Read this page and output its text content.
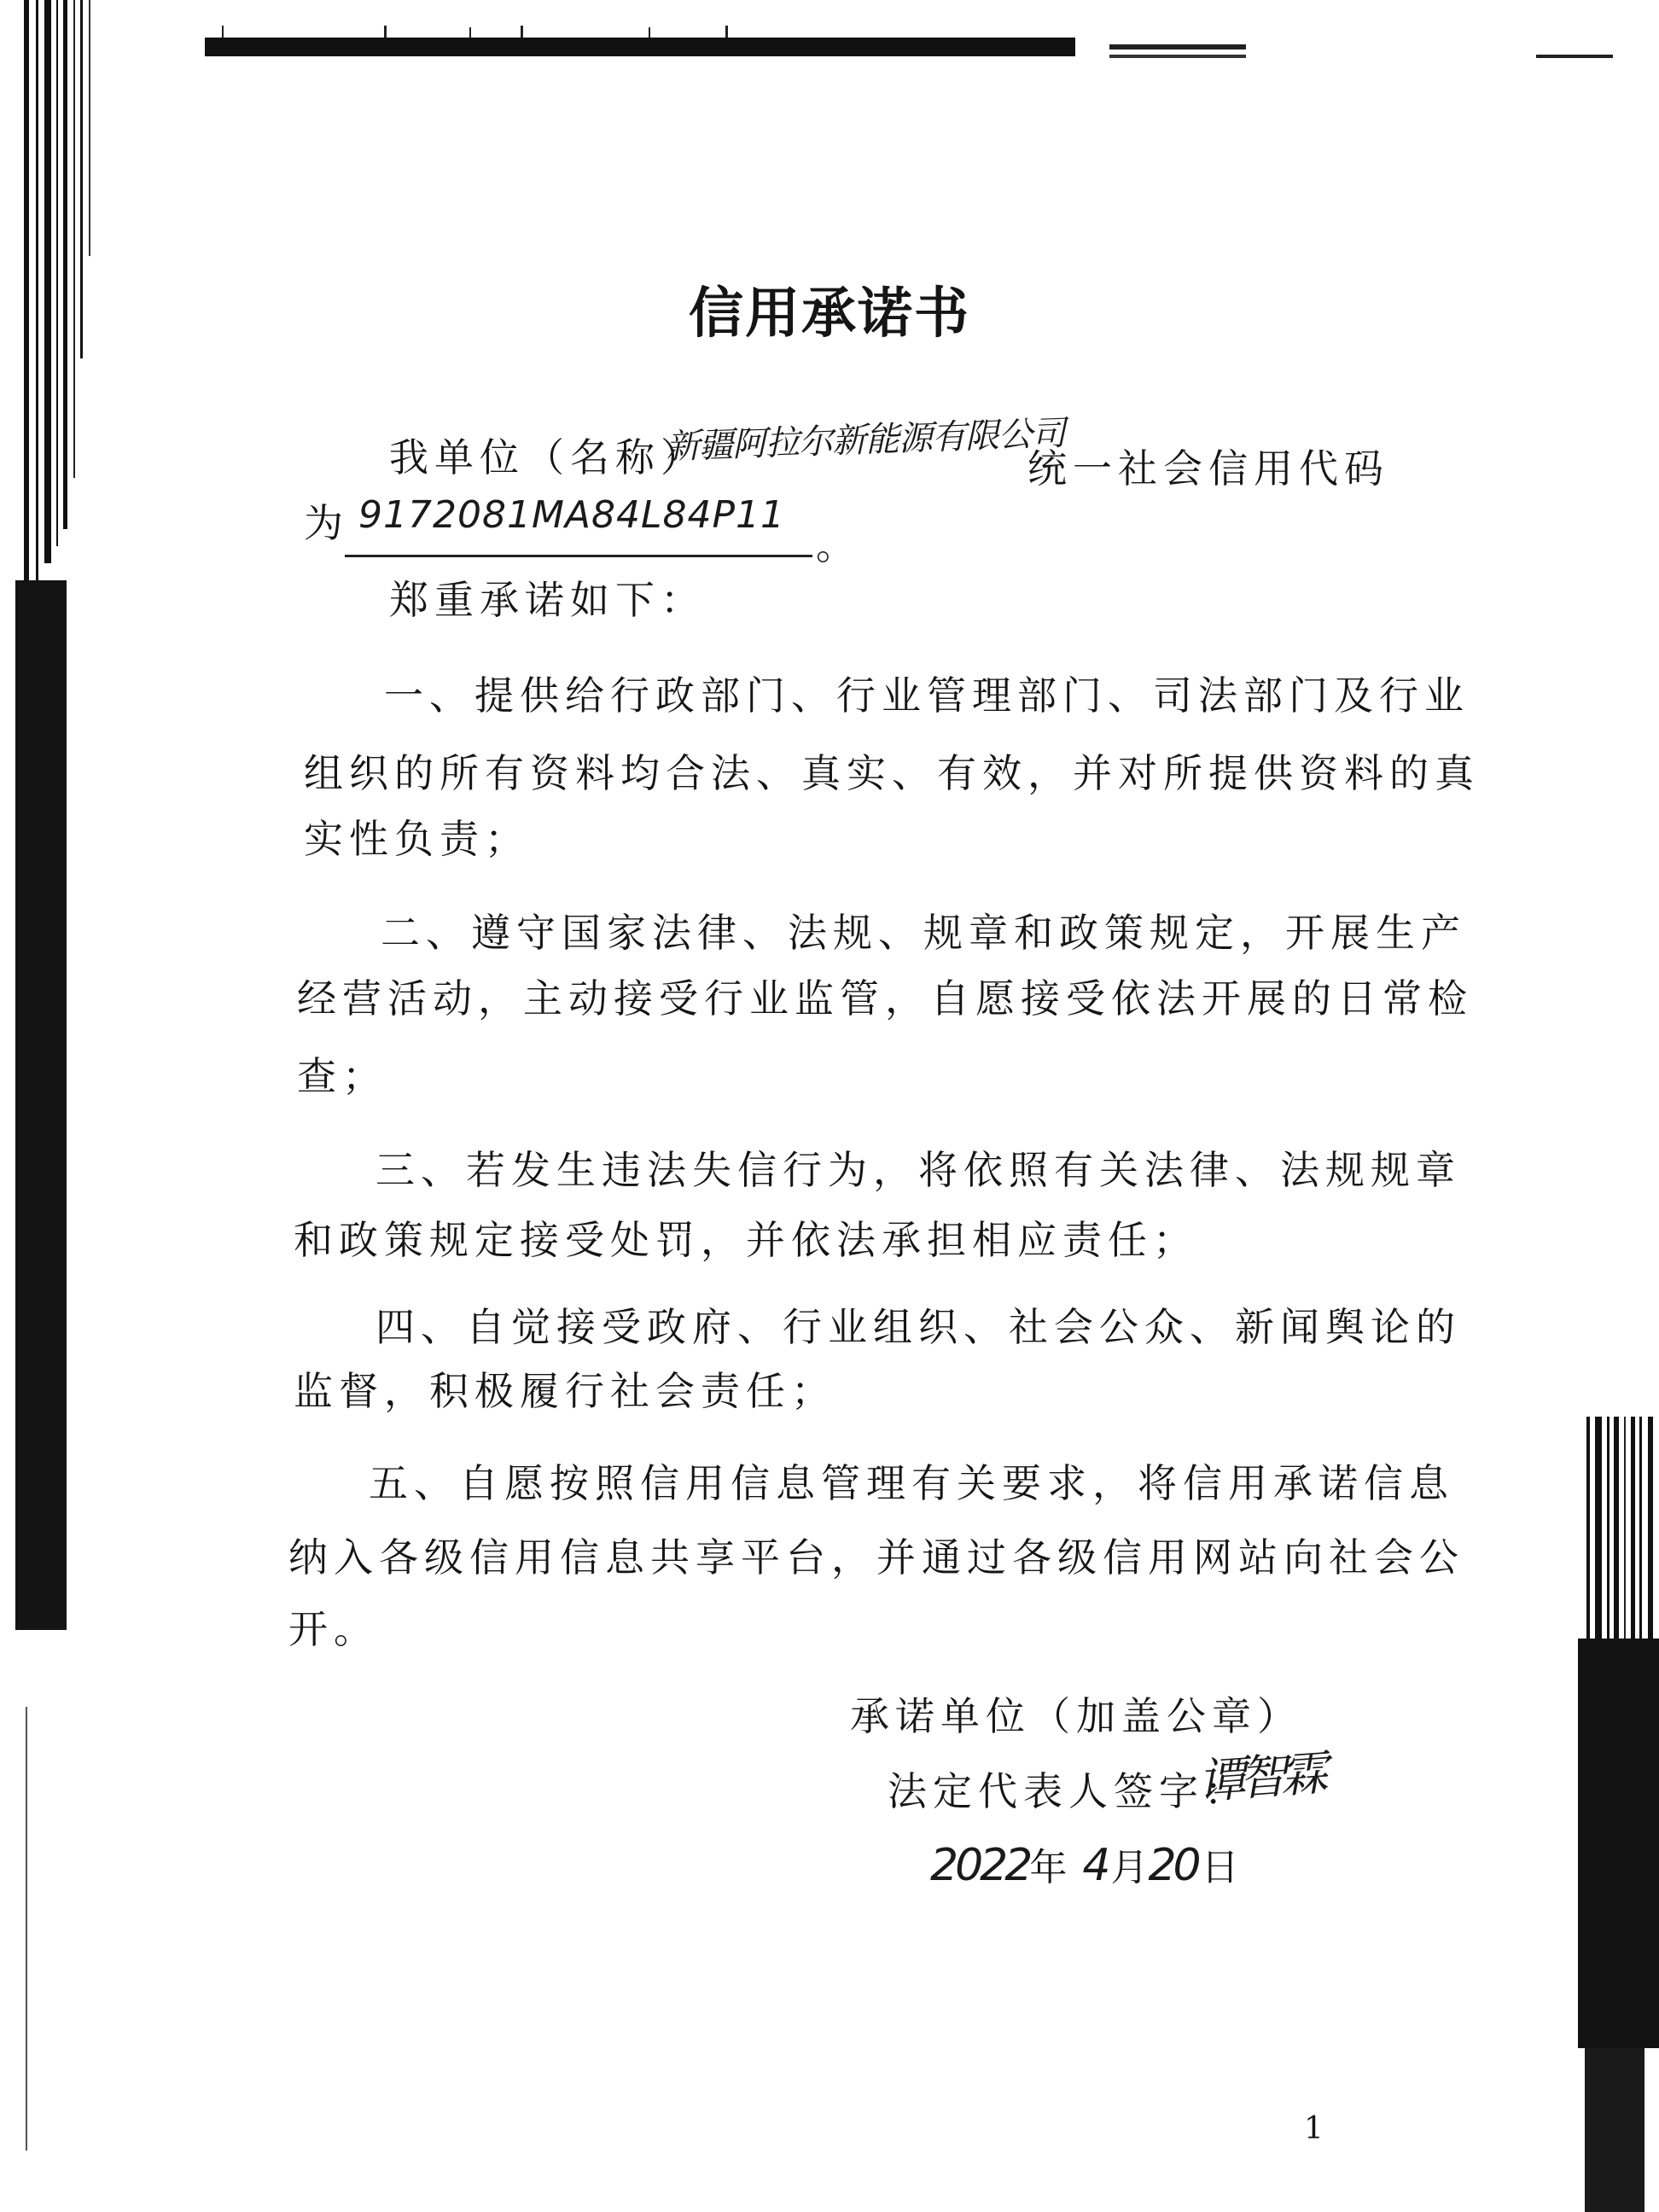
信用承诺书
我单位（名称）
新疆阿拉尔新能源有限公司
统一社会信用代码
为 9172081MA84L84P11
。
郑重承诺如下：
一、提供给行政部门、行业管理部门、司法部门及行业
组织的所有资料均合法、真实、有效，并对所提供资料的真
实性负责；
二、遵守国家法律、法规、规章和政策规定，开展生产
经营活动，主动接受行业监管，自愿接受依法开展的日常检
查；
三、若发生违法失信行为，将依照有关法律、法规规章
和政策规定接受处罚，并依法承担相应责任；
四、自觉接受政府、行业组织、社会公众、新闻舆论的
监督，积极履行社会责任；
五、自愿按照信用信息管理有关要求，将信用承诺信息
纳入各级信用信息共享平台，并通过各级信用网站向社会公
开。
承诺单位（加盖公章）
法定代表人签字：
谭智霖
2022年 4月20日
1
